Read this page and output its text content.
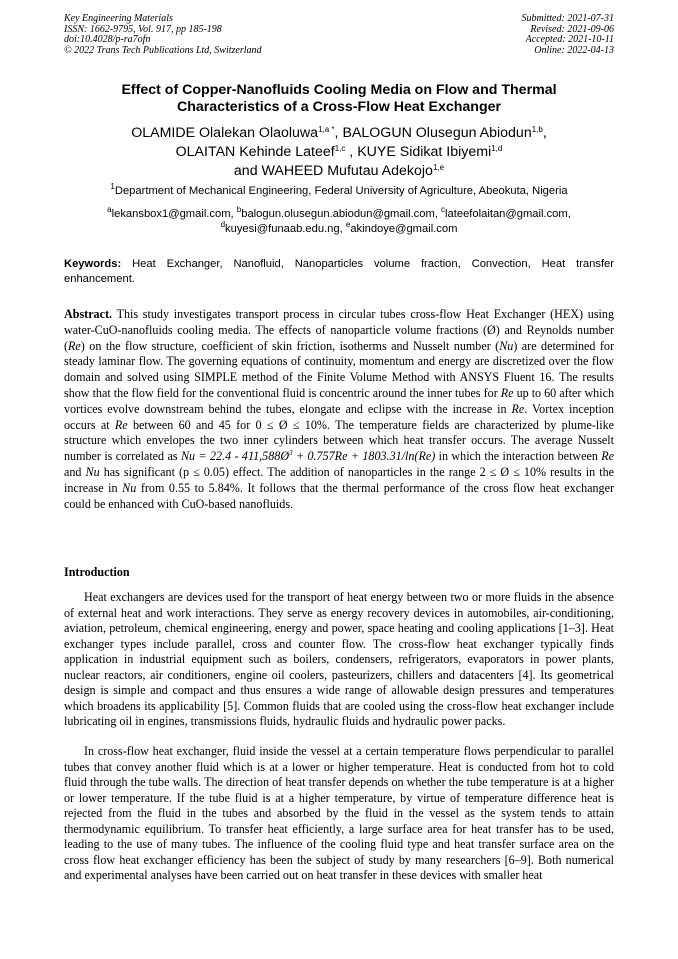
Key Engineering Materials
ISSN: 1662-9795, Vol. 917, pp 185-198
doi:10.4028/p-ra7ofn
© 2022 Trans Tech Publications Ltd, Switzerland
Submitted: 2021-07-31
Revised: 2021-09-06
Accepted: 2021-10-11
Online: 2022-04-13
Effect of Copper-Nanofluids Cooling Media on Flow and Thermal
Characteristics of a Cross-Flow Heat Exchanger
OLAMIDE Olalekan Olaoluwa$^{1,a *}$, BALOGUN Olusegun Abiodun$^{1,b}$,
OLAITAN Kehinde Lateef$^{1,c}$ , KUYE Sidikat Ibiyemi$^{1,d}$
and WAHEED Mufutau Adekojo$^{1,e}$
$^1$Department of Mechanical Engineering, Federal University of Agriculture, Abeokuta, Nigeria
$^a$lekansbox1@gmail.com, $^b$balogun.olusegun.abiodun@gmail.com, $^c$lateefolaitan@gmail.com,
$^d$kuyesi@funaab.edu.ng, $^e$akindoye@gmail.com
Keywords: Heat Exchanger, Nanofluid, Nanoparticles volume fraction, Convection, Heat transfer enhancement.
Abstract. This study investigates transport process in circular tubes cross-flow Heat Exchanger (HEX) using water-CuO-nanofluids cooling media. The effects of nanoparticle volume fractions (Ø) and Reynolds number (Re) on the flow structure, coefficient of skin friction, isotherms and Nusselt number (Nu) are determined for steady laminar flow. The governing equations of continuity, momentum and energy are discretized over the flow domain and solved using SIMPLE method of the Finite Volume Method with ANSYS Fluent 16. The results show that the flow field for the conventional fluid is concentric around the inner tubes for Re up to 60 after which vortices evolve downstream behind the tubes, elongate and eclipse with the increase in Re. Vortex inception occurs at Re between 60 and 45 for 0 ≤ Ø ≤ 10%. The temperature fields are characterized by plume-like structure which envelopes the two inner cylinders between which heat transfer occurs. The average Nusselt number is correlated as $Nu = 22.4 - 411,588Ø^3 + 0.757Re + 1803.31/\ln(Re)$ in which the interaction between Re and Nu has significant (p ≤ 0.05) effect. The addition of nanoparticles in the range 2 ≤ Ø ≤ 10% results in the increase in Nu from 0.55 to 5.84%. It follows that the thermal performance of the cross flow heat exchanger could be enhanced with CuO-based nanofluids.
Introduction
Heat exchangers are devices used for the transport of heat energy between two or more fluids in the absence of external heat and work interactions. They serve as energy recovery devices in automobiles, air-conditioning, aviation, petroleum, chemical engineering, energy and power, space heating and cooling applications [1–3]. Heat exchanger types include parallel, cross and counter flow. The cross-flow heat exchanger typically finds application in industrial equipment such as boilers, condensers, refrigerators, evaporators in power plants, nuclear reactors, air conditioners, engine oil coolers, pasteurizers, chillers and datacenters [4]. Its geometrical design is simple and compact and thus ensures a wide range of allowable design pressures and temperatures which broadens its applicability [5]. Common fluids that are cooled using the cross-flow heat exchanger include lubricating oil in engines, transmissions fluids, hydraulic fluids and hydraulic power packs.
In cross-flow heat exchanger, fluid inside the vessel at a certain temperature flows perpendicular to parallel tubes that convey another fluid which is at a lower or higher temperature. Heat is conducted from hot to cold fluid through the tube walls. The direction of heat transfer depends on whether the tube temperature is at a higher or lower temperature. If the tube fluid is at a higher temperature, by virtue of temperature difference heat is rejected from the fluid in the tubes and absorbed by the fluid in the vessel as the system tends to attain thermodynamic equilibrium. To transfer heat efficiently, a large surface area for heat transfer has to be used, leading to the use of many tubes. The influence of the cooling fluid type and heat transfer surface area on the cross flow heat exchanger efficiency has been the subject of study by many researchers [6–9]. Both numerical and experimental analyses have been carried out on heat transfer in these devices with smaller heat
